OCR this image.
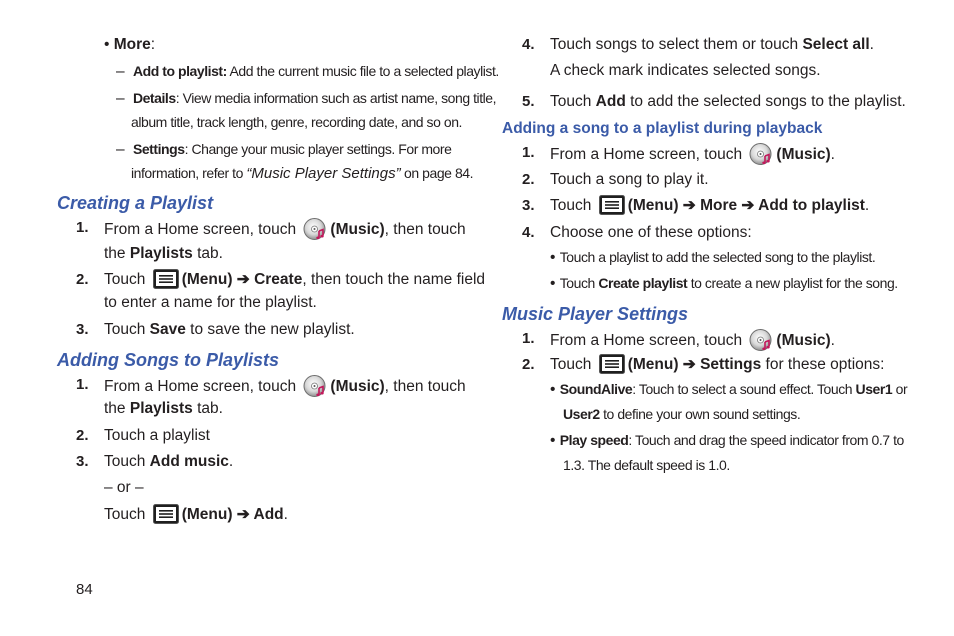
• More:
– Add to playlist: Add the current music file to a selected playlist.
– Details: View media information such as artist name, song title,
album title, track length, genre, recording date, and so on.
– Settings: Change your music player settings. For more
information, refer to “Music Player Settings” on page 84.
Creating a Playlist
1. From a Home screen, touch (Music), then touch
the Playlists tab.
2. Touch (Menu) ➔ Create, then touch the name field
to enter a name for the playlist.
3. Touch Save to save the new playlist.
Adding Songs to Playlists
1. From a Home screen, touch (Music), then touch
the Playlists tab.
2. Touch a playlist
3. Touch Add music.
– or –
Touch (Menu) ➔ Add.
4. Touch songs to select them or touch Select all.
A check mark indicates selected songs.
5. Touch Add to add the selected songs to the playlist.
Adding a song to a playlist during playback
1. From a Home screen, touch (Music).
2. Touch a song to play it.
3. Touch (Menu) ➔ More ➔ Add to playlist.
4. Choose one of these options:
• Touch a playlist to add the selected song to the playlist.
• Touch Create playlist to create a new playlist for the song.
Music Player Settings
1. From a Home screen, touch (Music).
2. Touch (Menu) ➔ Settings for these options:
• SoundAlive: Touch to select a sound effect. Touch User1 or
User2 to define your own sound settings.
• Play speed: Touch and drag the speed indicator from 0.7 to
1.3. The default speed is 1.0.
84
